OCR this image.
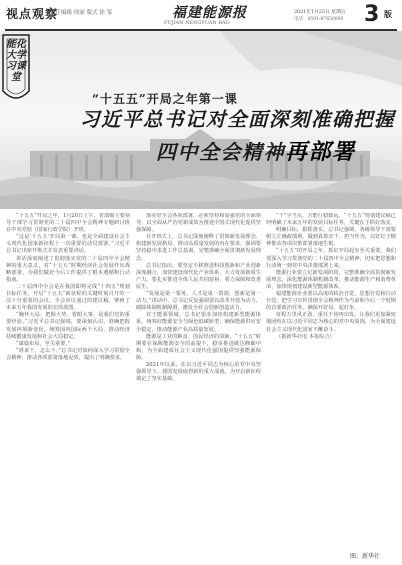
视点观察
责任编辑 徐丽 版式 徐 邹	福建能源报
FUJIAN NENGYUAN BAO
2021年1月23日 星期五
电话：0591-87650000 3 版
能化大学习课堂
“十五五”开局之年第一课
习近平总书记对全面深刻准确把握
四中全会精神再部署

“十五五”开局之年，1月20日上午，省部级主要领导干部学习贯彻党的二十届四中全会精神专题研讨班在中央党校（国家行政学院）开班。

“这是‘十五五’开局第一课，也是全面建设社会主义现代化国家新征程上一次重要的动员部署。”习近平总书记出席开班式并发表重要讲话。

讲话深刻阐述了贯彻落实党的二十届四中全会精神的重大意义，对“十五五”时期经济社会发展作出战略部署，为我们做好今后工作提供了根本遵循和行动指南。

二十届四中全会是在我国即将完成“十四五”规划目标任务、开启“十五五”新征程的关键时刻召开的一次十分重要的会议。全会审议通过的建议稿，擘画了未来五年我国发展的宏伟蓝图。

“胸怀大局、把握大势、着眼大事，是我们党的重要经验。”习近平总书记强调，要深刻认识、准确把握发展环境新变化，统筹国内国际两个大局，推动经济持续健康发展和社会大局稳定。

“谋篇布局，至关重要。”

“谁来干，怎么干。”总书记对如何深入学习贯彻全会精神、推动各项部署落地见效，提出了明确要求。

落实好全会各项部署，必须坚持和加强党的全面领导，以全面从严治党新成效为推进中国式现代化提供坚强保障。

在开班式上，总书记深刻阐释了贯彻新发展理念、构建新发展格局、推动高质量发展的内在要求，强调要坚持稳中求进工作总基调，完整准确全面贯彻新发展理念。

总书记指出，要坚定不移推进科技创新和产业创新深度融合，加快建设现代化产业体系，大力发展新质生产力。要扎实推进全体人民共同富裕，着力保障和改善民生。

“发展是第一要务，人才是第一资源，创新是第一动力。”讲话中，总书记反复强调要以改革开放为动力，破除体制机制障碍，激发全社会创新创造活力。

对于能源领域，总书记要求加快构建新型能源体系，统筹好能源安全与绿色低碳转型，确保能源供应安全稳定，推动能源产业高质量发展。

能源是工业的粮食、国民经济的命脉，“十五五”时期要在保障能源安全的前提下，稳步推进碳达峰碳中和，为全面建成社会主义现代化强国提供坚强能源保障。

2021年以来，在以习近平同志为核心的党中央坚强领导下，我国发展取得新的重大成就，为开启新征程奠定了坚实基础。

“干”字当头，方能行稳致远。“十五五”规划建议稿已经明确了未来五年的发展目标任务，关键在于抓好落实。

明确目标，狠抓落实。总书记强调，各级领导干部要树立正确政绩观，做到真抓实干、担当作为，以钉钉子精神推动各项决策部署落地生根。

“十五五”的开局之年，抓好开局起步至关重要。我们要深入学习贯彻党的二十届四中全会精神，切实把思想和行动统一到党中央决策部署上来。

能源行业要立足新发展阶段，完整准确全面贯彻新发展理念，深化能源体制机制改革，推动能源生产和消费革命，加快规划建设新型能源体系。

福建能源企业要以高度的政治自觉、思想自觉和行动自觉，把学习宣传贯彻全会精神作为当前和今后一个时期的首要政治任务，确保开好局、起好步。

征程万里风正劲，重任千钧再出发。让我们更加紧密地团结在以习近平同志为核心的党中央周围，为全面建设社会主义现代化国家不懈奋斗。

（据新华社电 本报综合）

图：新华社
